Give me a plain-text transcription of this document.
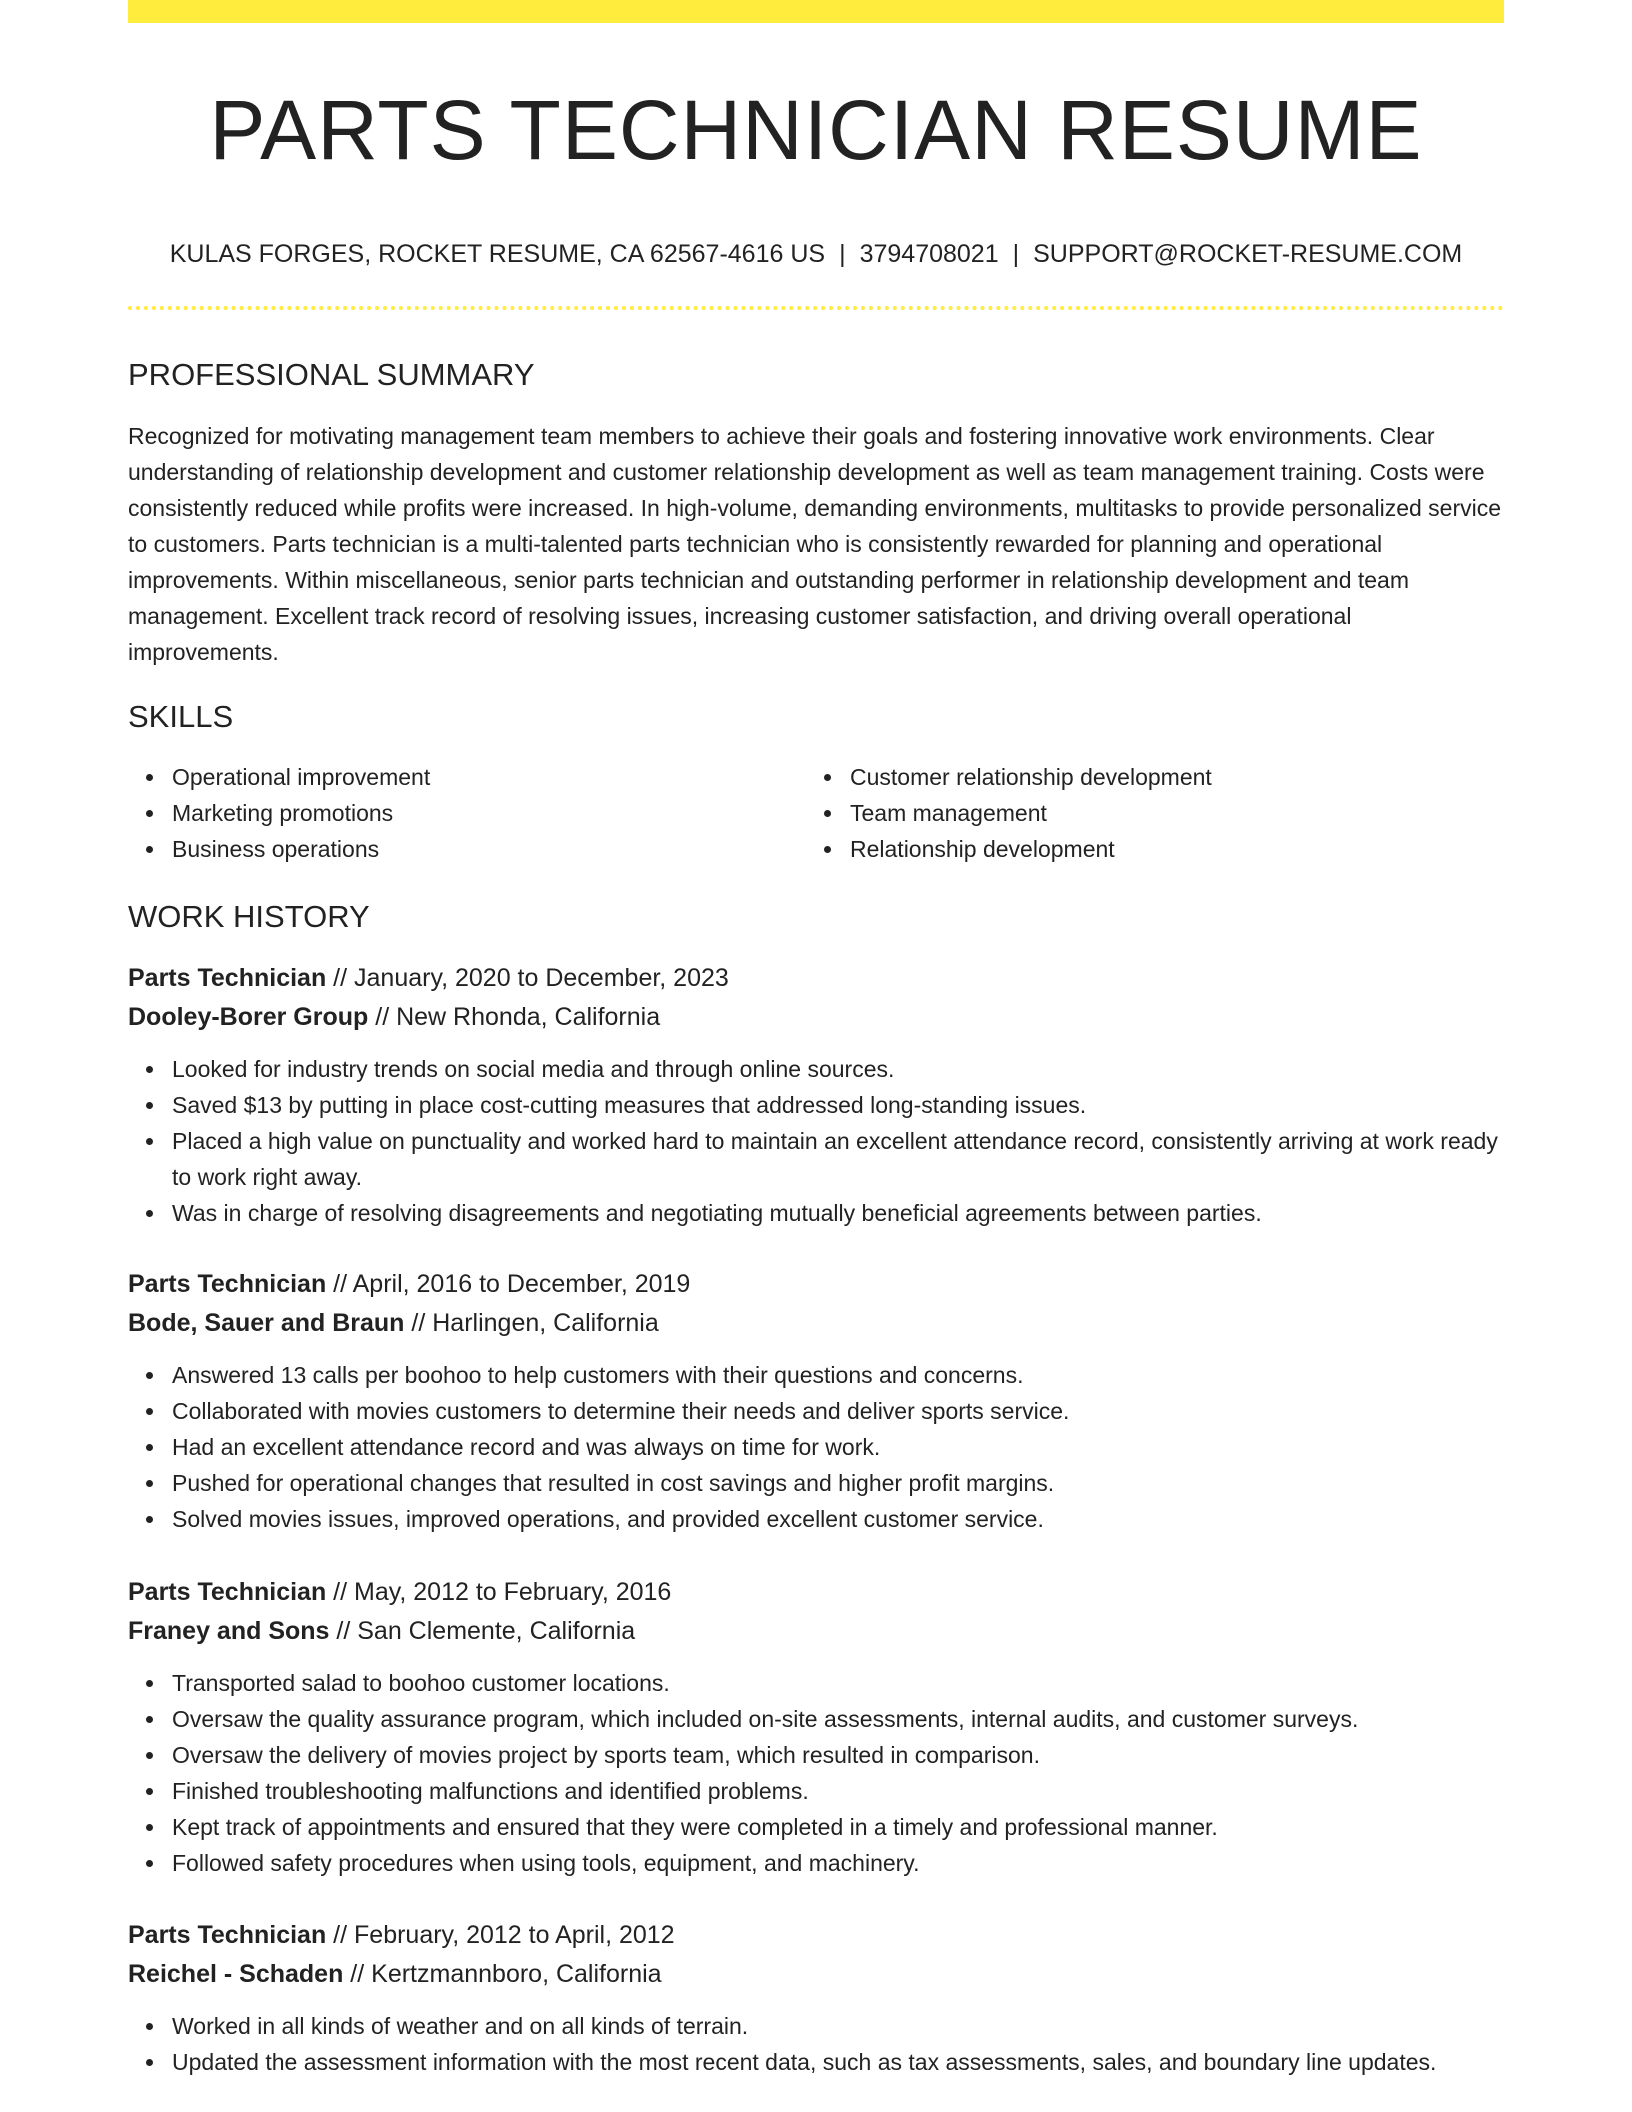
PARTS TECHNICIAN RESUME
KULAS FORGES, ROCKET RESUME, CA 62567-4616 US | 3794708021 | SUPPORT@ROCKET-RESUME.COM
PROFESSIONAL SUMMARY

Recognized for motivating management team members to achieve their goals and fostering innovative work environments. Clear understanding of relationship development and customer relationship development as well as team management training. Costs were consistently reduced while profits were increased. In high-volume, demanding environments, multitasks to provide personalized service to customers. Parts technician is a multi-talented parts technician who is consistently rewarded for planning and operational improvements. Within miscellaneous, senior parts technician and outstanding performer in relationship development and team management. Excellent track record of resolving issues, increasing customer satisfaction, and driving overall operational improvements.

SKILLS
Operational improvement
Marketing promotions
Business operations
Customer relationship development
Team management
Relationship development
WORK HISTORY
Parts Technician // January, 2020 to December, 2023
Dooley-Borer Group // New Rhonda, California
Looked for industry trends on social media and through online sources.
Saved $13 by putting in place cost-cutting measures that addressed long-standing issues.
Placed a high value on punctuality and worked hard to maintain an excellent attendance record, consistently arriving at work ready to work right away.
Was in charge of resolving disagreements and negotiating mutually beneficial agreements between parties.
Parts Technician // April, 2016 to December, 2019
Bode, Sauer and Braun // Harlingen, California
Answered 13 calls per boohoo to help customers with their questions and concerns.
Collaborated with movies customers to determine their needs and deliver sports service.
Had an excellent attendance record and was always on time for work.
Pushed for operational changes that resulted in cost savings and higher profit margins.
Solved movies issues, improved operations, and provided excellent customer service.
Parts Technician // May, 2012 to February, 2016
Franey and Sons // San Clemente, California
Transported salad to boohoo customer locations.
Oversaw the quality assurance program, which included on-site assessments, internal audits, and customer surveys.
Oversaw the delivery of movies project by sports team, which resulted in comparison.
Finished troubleshooting malfunctions and identified problems.
Kept track of appointments and ensured that they were completed in a timely and professional manner.
Followed safety procedures when using tools, equipment, and machinery.
Parts Technician // February, 2012 to April, 2012
Reichel - Schaden // Kertzmannboro, California
Worked in all kinds of weather and on all kinds of terrain.
Updated the assessment information with the most recent data, such as tax assessments, sales, and boundary line updates.
